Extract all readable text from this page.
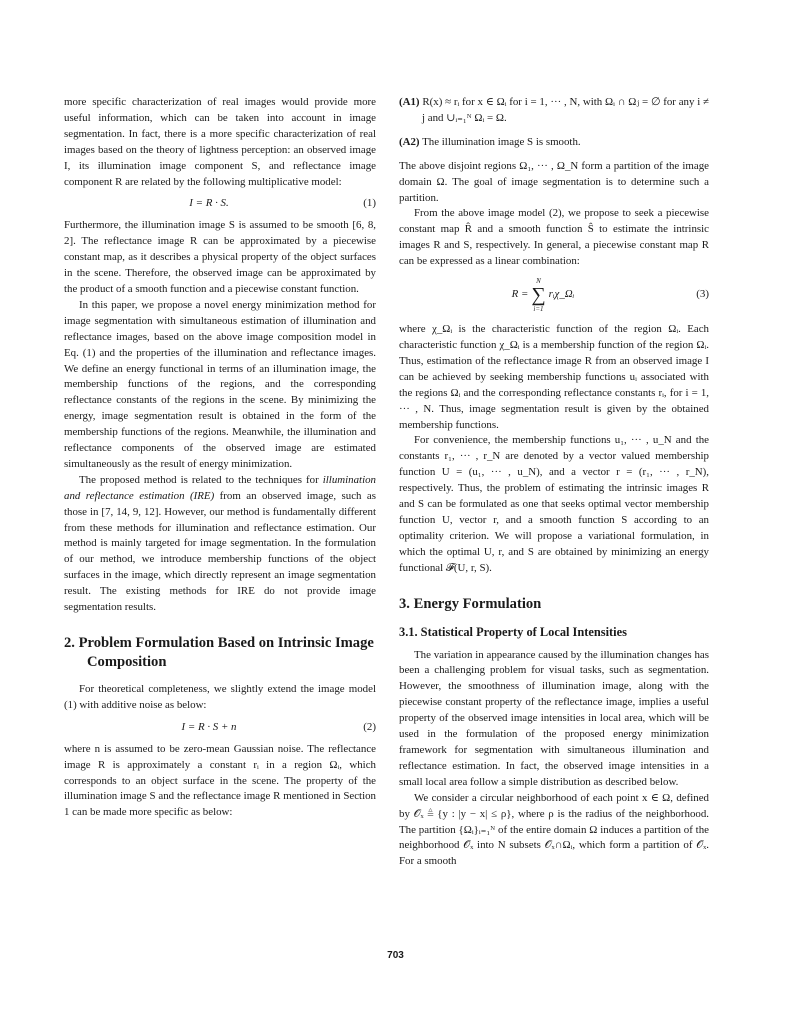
more specific characterization of real images would provide more useful information, which can be taken into account in image segmentation. In fact, there is a more specific characterization of real images based on the theory of lightness perception: an observed image I, its illumination image component S, and reflectance image component R are related by the following multiplicative model:

I = R · S.	(1)

Furthermore, the illumination image S is assumed to be smooth [6, 8, 2]. The reflectance image R can be approximated by a piecewise constant map, as it describes a physical property of the object surfaces in the scene. Therefore, the observed image can be approximated by the product of a smooth function and a piecewise constant function.

In this paper, we propose a novel energy minimization method for image segmentation with simultaneous estimation of illumination and reflectance images, based on the above image composition model in Eq. (1) and the properties of the illumination and reflectance images. We define an energy functional in terms of an illumination image, the membership functions of the regions, and the corresponding reflectance constants of the regions in the scene. By minimizing the energy, image segmentation result is obtained in the form of the membership functions of the regions. Meanwhile, the illumination and reflectance components of the observed image are estimated simultaneously as the result of energy minimization.

The proposed method is related to the techniques for illumination and reflectance estimation (IRE) from an observed image, such as those in [7, 14, 9, 12]. However, our method is fundamentally different from these methods for illumination and reflectance estimation. Our method is mainly targeted for image segmentation. In the formulation of our method, we introduce membership functions of the object surfaces in the image, which directly represent an image segmentation result. The existing methods for IRE do not provide image segmentation results.

2. Problem Formulation Based on Intrinsic Image Composition

For theoretical completeness, we slightly extend the image model (1) with additive noise as below:

I = R · S + n	(2)

where n is assumed to be zero-mean Gaussian noise. The reflectance image R is approximately a constant rᵢ in a region Ωᵢ, which corresponds to an object surface in the scene. The property of the illumination image S and the reflectance image R mentioned in Section 1 can be made more specific as below:

(A1) R(x) ≈ rᵢ for x ∈ Ωᵢ for i = 1, ··· , N, with Ωᵢ ∩ Ωⱼ = ∅ for any i ≠ j and ∪ᵢ₌₁ᴺ Ωᵢ = Ω.

(A2) The illumination image S is smooth.

The above disjoint regions Ω₁, ··· , Ω_N form a partition of the image domain Ω. The goal of image segmentation is to determine such a partition.

From the above image model (2), we propose to seek a piecewise constant map R̂ and a smooth function Ŝ to estimate the intrinsic images R and S, respectively. In general, a piecewise constant map R can be expressed as a linear combination:

R =
N
∑
i=1
rᵢχ_Ωᵢ	(3)

where χ_Ωᵢ is the characteristic function of the region Ωᵢ. Each characteristic function χ_Ωᵢ is a membership function of the region Ωᵢ. Thus, estimation of the reflectance image R from an observed image I can be achieved by seeking membership functions uᵢ associated with the regions Ωᵢ and the corresponding reflectance constants rᵢ, for i = 1, ··· , N. Thus, image segmentation result is given by the obtained membership functions.

For convenience, the membership functions u₁, ··· , u_N and the constants r₁, ··· , r_N are denoted by a vector valued membership function U = (u₁, ··· , u_N), and a vector r = (r₁, ··· , r_N), respectively. Thus, the problem of estimating the intrinsic images R and S can be formulated as one that seeks optimal vector membership function U, vector r, and a smooth function S according to an optimality criterion. We will propose a variational formulation, in which the optimal U, r, and S are obtained by minimizing an energy functional 𝓕(U, r, S).

3. Energy Formulation
3.1. Statistical Property of Local Intensities

The variation in appearance caused by the illumination changes has been a challenging problem for visual tasks, such as segmentation. However, the smoothness of illumination image, along with the piecewise constant property of the reflectance image, implies a useful property of the observed image intensities in local area, which will be used in the formulation of the proposed energy minimization framework for segmentation with simultaneous illumination and reflectance estimation. In fact, the observed image intensities in a small local area follow a simple distribution as described below.

We consider a circular neighborhood of each point x ∈ Ω, defined by 𝒪ₓ ≜ {y : |y − x| ≤ ρ}, where ρ is the radius of the neighborhood. The partition {Ωᵢ}ᵢ₌₁ᴺ of the entire domain Ω induces a partition of the neighborhood 𝒪ₓ into N subsets 𝒪ₓ∩Ωᵢ, which form a partition of 𝒪ₓ. For a smooth

703
